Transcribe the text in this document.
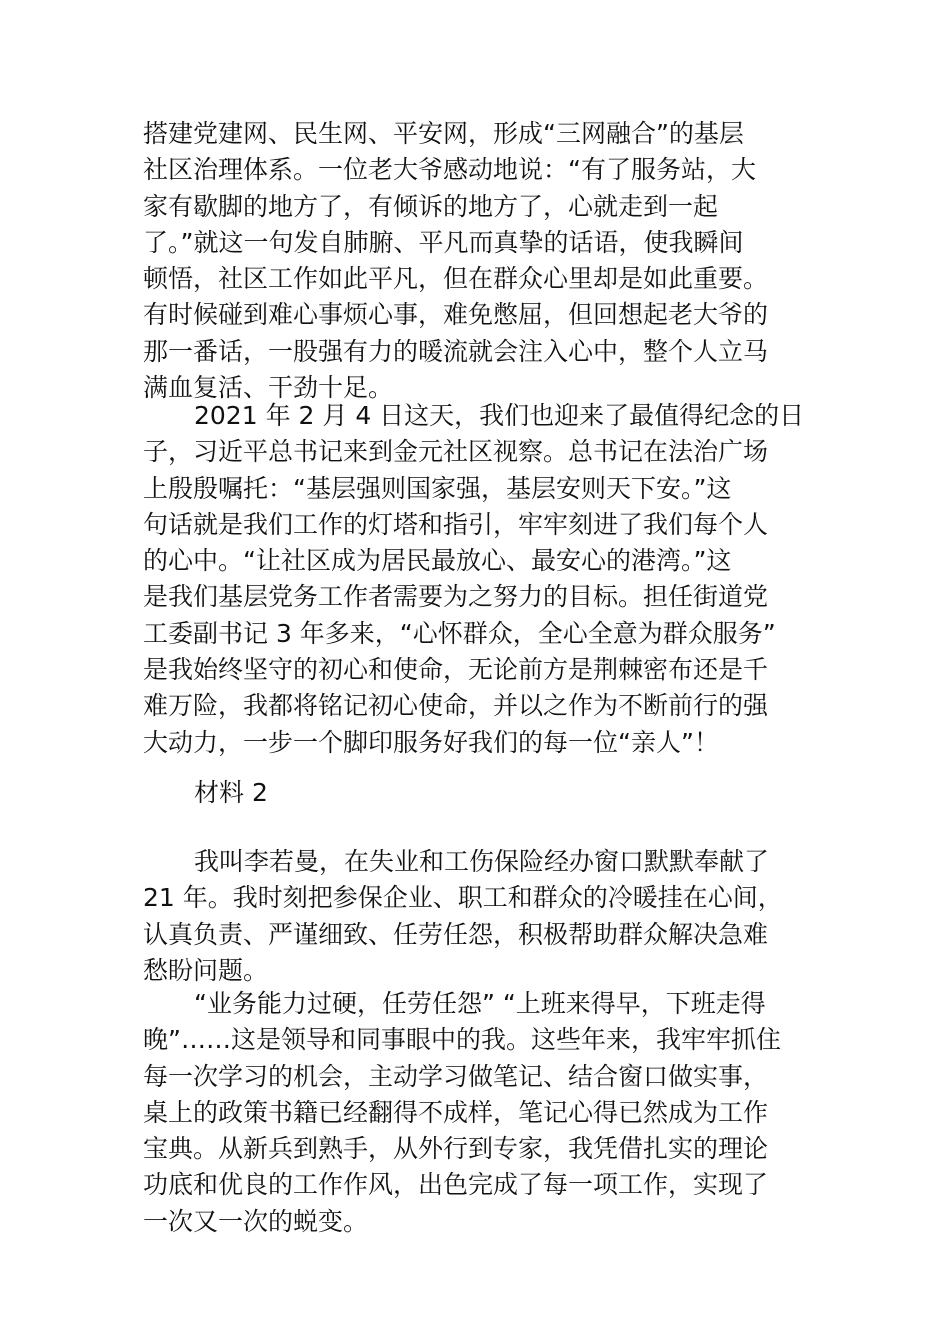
搭建党建网、民生网、平安网，形成“三网融合”的基层
社区治理体系。一位老大爷感动地说：“有了服务站，大
家有歇脚的地方了，有倾诉的地方了，心就走到一起
了。”就这一句发自肺腑、平凡而真挚的话语，使我瞬间
顿悟，社区工作如此平凡，但在群众心里却是如此重要。
有时候碰到难心事烦心事，难免憋屈，但回想起老大爷的
那一番话，一股强有力的暖流就会注入心中，整个人立马
满血复活、干劲十足。
2021 年 2 月 4 日这天，我们也迎来了最值得纪念的日
子，习近平总书记来到金元社区视察。总书记在法治广场
上殷殷嘱托：“基层强则国家强，基层安则天下安。”这
句话就是我们工作的灯塔和指引，牢牢刻进了我们每个人
的心中。“让社区成为居民最放心、最安心的港湾。”这
是我们基层党务工作者需要为之努力的目标。担任街道党
工委副书记 3 年多来，“心怀群众，全心全意为群众服务”
是我始终坚守的初心和使命，无论前方是荆棘密布还是千
难万险，我都将铭记初心使命，并以之作为不断前行的强
大动力，一步一个脚印服务好我们的每一位“亲人”！
材料 2
我叫李若曼，在失业和工伤保险经办窗口默默奉献了
21 年。我时刻把参保企业、职工和群众的冷暖挂在心间，
认真负责、严谨细致、任劳任怨，积极帮助群众解决急难
愁盼问题。
“业务能力过硬，任劳任怨” “上班来得早，下班走得
晚”……这是领导和同事眼中的我。这些年来，我牢牢抓住
每一次学习的机会，主动学习做笔记、结合窗口做实事，
桌上的政策书籍已经翻得不成样，笔记心得已然成为工作
宝典。从新兵到熟手，从外行到专家，我凭借扎实的理论
功底和优良的工作作风，出色完成了每一项工作，实现了
一次又一次的蜕变。
